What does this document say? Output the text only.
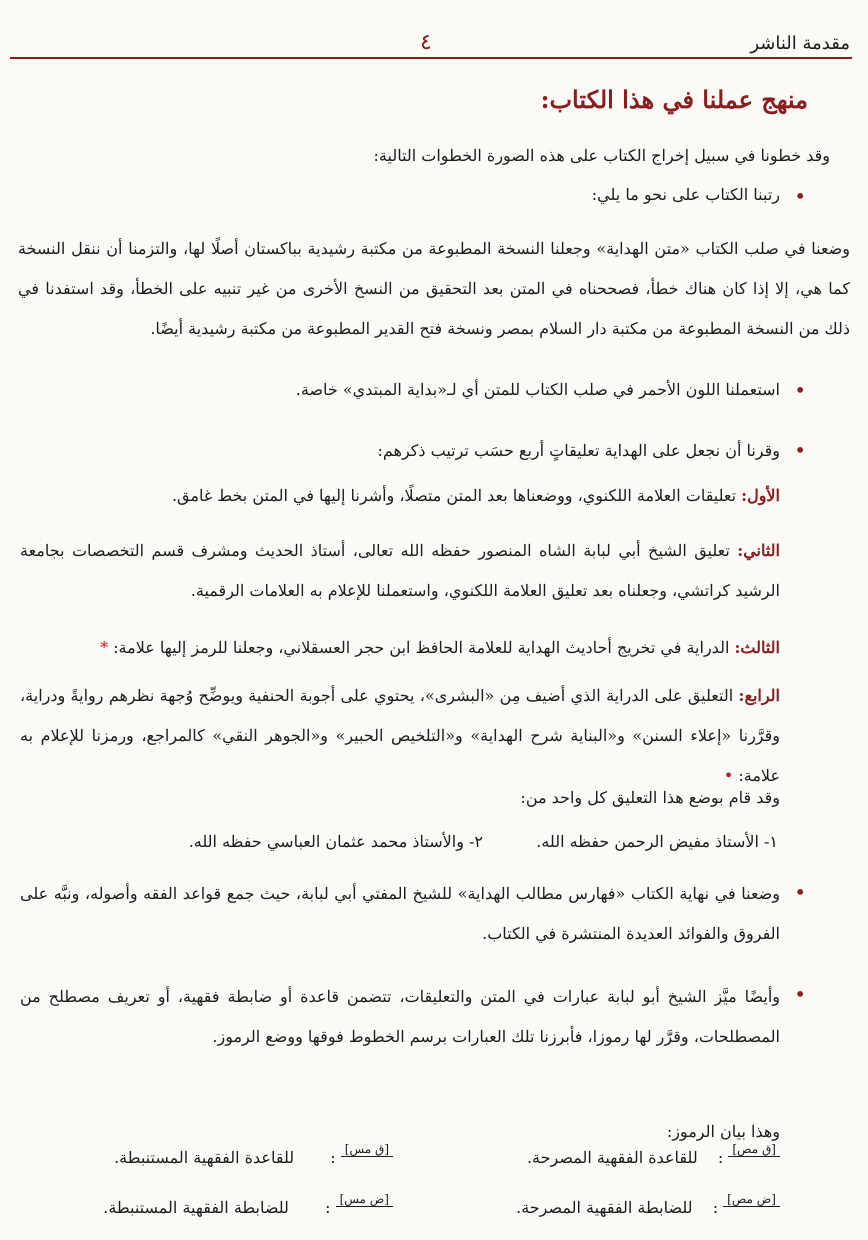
مقدمة الناشر
٤
منهج عملنا في هذا الكتاب:
وقد خطونا في سبيل إخراج الكتاب على هذه الصورة الخطوات التالية:
•
رتبنا الكتاب على نحو ما يلي:
وضعنا في صلب الكتاب «متن الهداية» وجعلنا النسخة المطبوعة من مكتبة رشيدية بباكستان أصلًا لها، والتزمنا أن ننقل النسخة كما هي، إلا إذا كان هناك خطأ، فصححناه في المتن بعد التحقيق من النسخ الأخرى من غير تنبيه على الخطأ، وقد استفدنا في ذلك من النسخة المطبوعة من مكتبة دار السلام بمصر ونسخة فتح القدير المطبوعة من مكتبة رشيدية أيضًا.
•
استعملنا اللون الأحمر في صلب الكتاب للمتن أي لـ«بداية المبتدي» خاصة.
•
وقرنا أن نجعل على الهداية تعليقاتٍ أربع حسَب ترتيب ذكرهم:
الأول: تعليقات العلامة اللكنوي، ووضعناها بعد المتن متصلًا، وأشرنا إليها في المتن بخط غامق.
الثاني: تعليق الشيخ أبي لبابة الشاه المنصور حفظه الله تعالى، أستاذ الحديث ومشرف قسم التخصصات بجامعة الرشيد كراتشي، وجعلناه بعد تعليق العلامة اللكنوي، واستعملنا للإعلام به العلامات الرقمية.
الثالث: الدراية في تخريج أحاديث الهداية للعلامة الحافظ ابن حجر العسقلاني، وجعلنا للرمز إليها علامة: *
الرابع: التعليق على الدراية الذي أضيف مِن «البشرى»، يحتوي على أجوبة الحنفية ويوضِّح وُجهة نظرهم روايةً ودراية، وقرَّرنا «إعلاء السنن» و«البناية شرح الهداية» و«التلخيص الحبير» و«الجوهر النقي» كالمراجع، ورمزنا للإعلام به علامة: •
وقد قام بوضع هذا التعليق كل واحد من:
١- الأستاذ مفيض الرحمن حفظه الله.
٢- والأستاذ محمد عثمان العباسي حفظه الله.
•
وضعنا في نهاية الكتاب «فهارس مطالب الهداية» للشيخ المفتي أبي لبابة، حيث جمع قواعد الفقه وأصوله، ونبَّه على الفروق والفوائد العديدة المنتشرة في الكتاب.
•
وأيضًا ميَّز الشيخ أبو لبابة عبارات في المتن والتعليقات، تتضمن قاعدة أو ضابطة فقهية، أو تعريف مصطلح من المصطلحات، وقرَّر لها رموزا، فأبرزنا تلك العبارات برسم الخطوط فوقها ووضع الرموز.
وهذا بيان الرموز:
[ق مص] :  للقاعدة الفقهية المصرحة.
[ق مس] :  للقاعدة الفقهية المستنبطة.
[ض مص] :  للضابطة الفقهية المصرحة.
[ض مس] :  للضابطة الفقهية المستنبطة.
